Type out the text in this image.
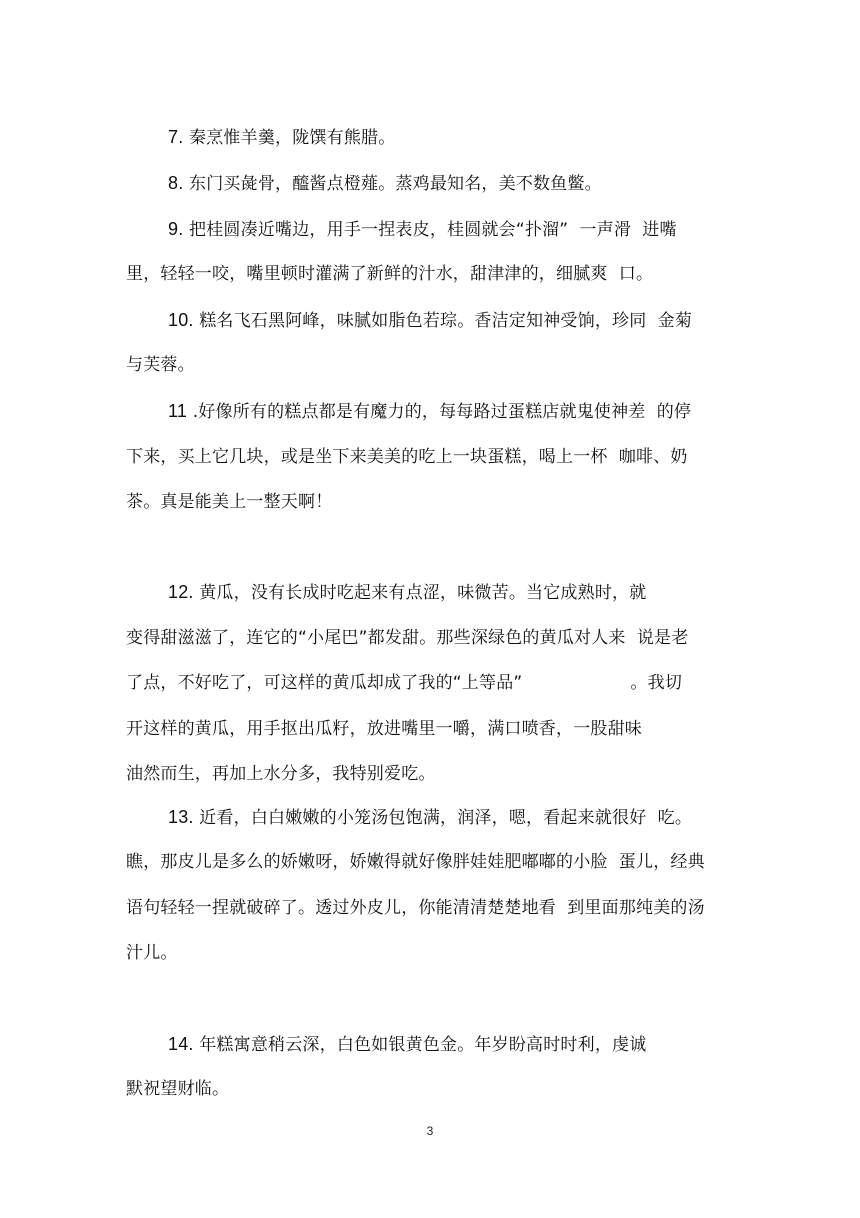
7. 秦烹惟羊羹，陇馔有熊腊。
8. 东门买彘骨，醯酱点橙薤。蒸鸡最知名，美不数鱼鳖。
9. 把桂圆凑近嘴边，用手一捏表皮，桂圆就会“扑溜”  一声滑  进嘴
里，轻轻一咬，嘴里顿时灌满了新鲜的汁水，甜津津的，细腻爽  口。
10. 糕名飞石黑阿峰，味腻如脂色若琮。香洁定知神受饷，珍同  金菊
与芙蓉。
11 .好像所有的糕点都是有魔力的，每每路过蛋糕店就鬼使神差  的停
下来，买上它几块，或是坐下来美美的吃上一块蛋糕，喝上一杯  咖啡、奶
茶。真是能美上一整天啊！
12. 黄瓜，没有长成时吃起来有点涩，味微苦。当它成熟时，就
变得甜滋滋了，连它的“小尾巴”都发甜。那些深绿色的黄瓜对人来  说是老
了点，不好吃了，可这样的黄瓜却成了我的“上等品”	。我切
开这样的黄瓜，用手抠出瓜籽，放进嘴里一嚼，满口喷香，一股甜味
油然而生，再加上水分多，我特别爱吃。
13. 近看，白白嫩嫩的小笼汤包饱满，润泽，嗯，看起来就很好  吃。
瞧，那皮儿是多么的娇嫩呀，娇嫩得就好像胖娃娃肥嘟嘟的小脸  蛋儿，经典
语句轻轻一捏就破碎了。透过外皮儿，你能清清楚楚地看  到里面那纯美的汤
汁儿。
14. 年糕寓意稍云深，白色如银黄色金。年岁盼高时时利，虔诚
默祝望财临。
3
